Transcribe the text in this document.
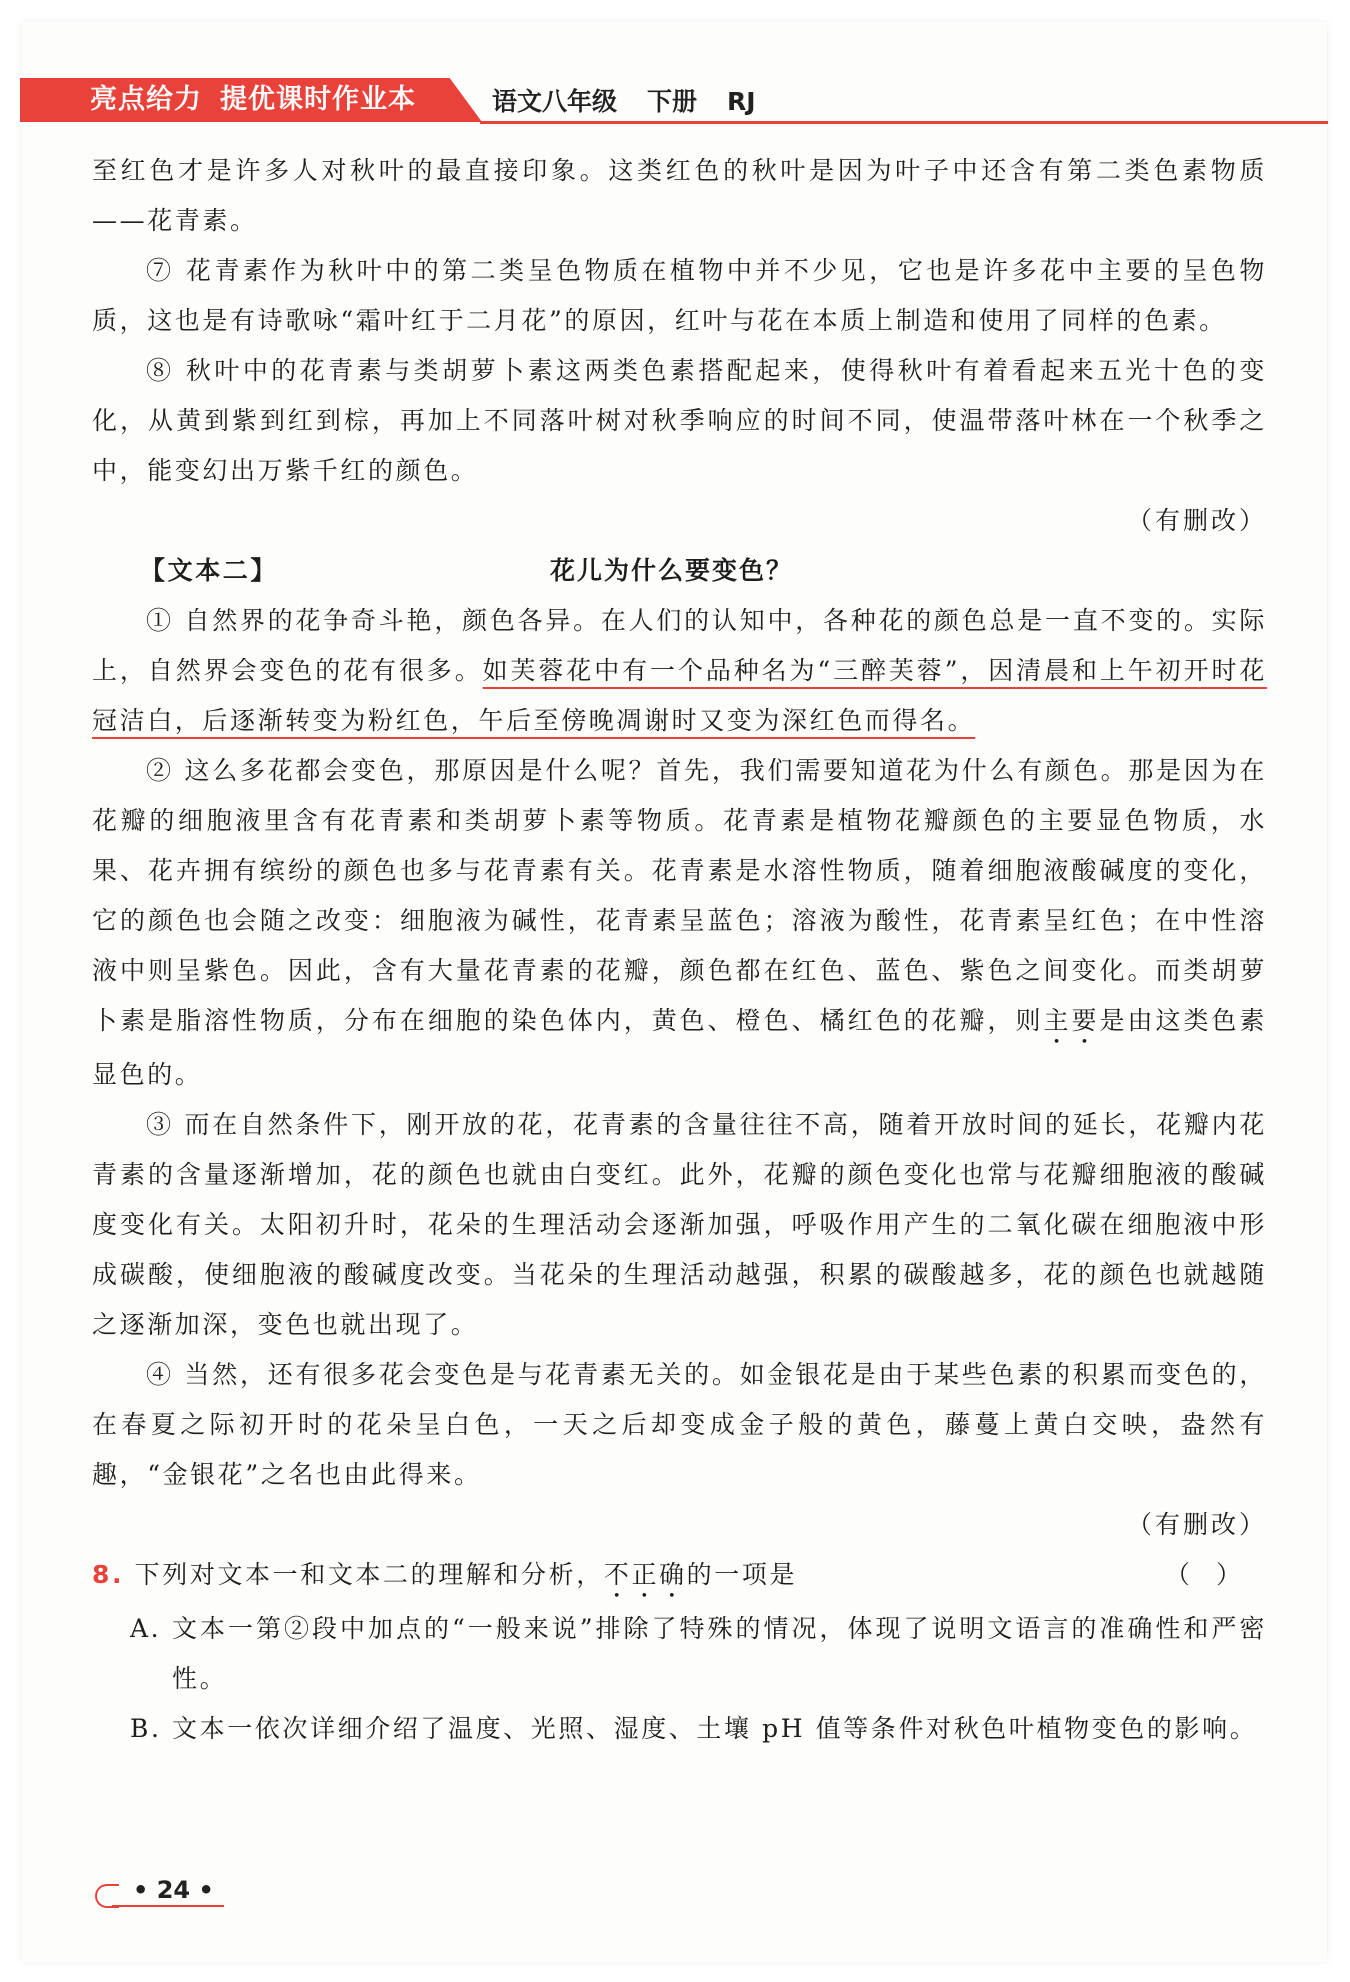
亮点给力 提优课时作业本	语文八年级 下册 RJ

至红色才是许多人对秋叶的最直接印象。这类红色的秋叶是因为叶子中还含有第二类色素物质——花青素。

⑦ 花青素作为秋叶中的第二类呈色物质在植物中并不少见，它也是许多花中主要的呈色物质，这也是有诗歌咏“霜叶红于二月花”的原因，红叶与花在本质上制造和使用了同样的色素。

⑧ 秋叶中的花青素与类胡萝卜素这两类色素搭配起来，使得秋叶有着看起来五光十色的变化，从黄到紫到红到棕，再加上不同落叶树对秋季响应的时间不同，使温带落叶林在一个秋季之中，能变幻出万紫千红的颜色。

（有删改）
【文本二】	花儿为什么要变色？

① 自然界的花争奇斗艳，颜色各异。在人们的认知中，各种花的颜色总是一直不变的。实际上，自然界会变色的花有很多。如芙蓉花中有一个品种名为“三醉芙蓉”，因清晨和上午初开时花冠洁白，后逐渐转变为粉红色，午后至傍晚凋谢时又变为深红色而得名。

② 这么多花都会变色，那原因是什么呢？首先，我们需要知道花为什么有颜色。那是因为在花瓣的细胞液里含有花青素和类胡萝卜素等物质。花青素是植物花瓣颜色的主要显色物质，水果、花卉拥有缤纷的颜色也多与花青素有关。花青素是水溶性物质，随着细胞液酸碱度的变化，它的颜色也会随之改变：细胞液为碱性，花青素呈蓝色；溶液为酸性，花青素呈红色；在中性溶液中则呈紫色。因此，含有大量花青素的花瓣，颜色都在红色、蓝色、紫色之间变化。而类胡萝卜素是脂溶性物质，分布在细胞的染色体内，黄色、橙色、橘红色的花瓣，则主要是由这类色素显色的。

③ 而在自然条件下，刚开放的花，花青素的含量往往不高，随着开放时间的延长，花瓣内花青素的含量逐渐增加，花的颜色也就由白变红。此外，花瓣的颜色变化也常与花瓣细胞液的酸碱度变化有关。太阳初升时，花朵的生理活动会逐渐加强，呼吸作用产生的二氧化碳在细胞液中形成碳酸，使细胞液的酸碱度改变。当花朵的生理活动越强，积累的碳酸越多，花的颜色也就越随之逐渐加深，变色也就出现了。

④ 当然，还有很多花会变色是与花青素无关的。如金银花是由于某些色素的积累而变色的，在春夏之际初开时的花朵呈白色，一天之后却变成金子般的黄色，藤蔓上黄白交映，盎然有趣，“金银花”之名也由此得来。

（有删改）
8. 下列对文本一和文本二的理解和分析，不正确的一项是	（）
A. 文本一第②段中加点的“一般来说”排除了特殊的情况，体现了说明文语言的准确性和严密性。
B. 文本一依次详细介绍了温度、光照、湿度、土壤 pH 值等条件对秋色叶植物变色的影响。
• 24 •
